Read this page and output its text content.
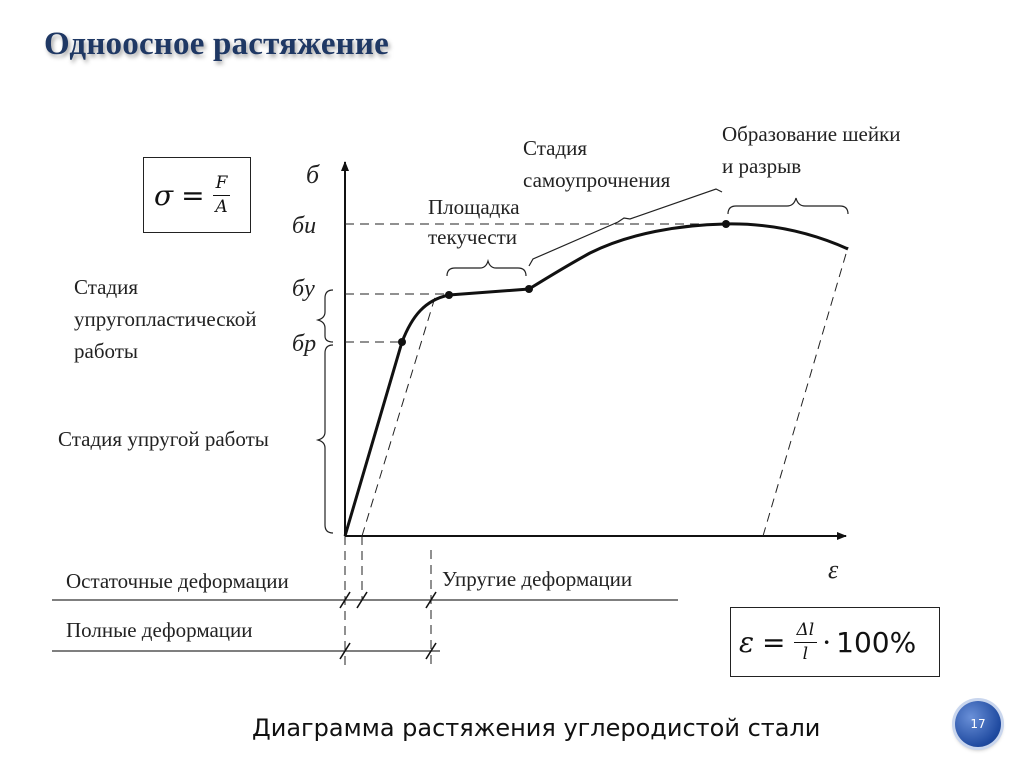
Одноосное растяжение
$\sigma = \frac{F}{A}$
$\varepsilon = \frac{\Delta l}{l} \cdot 100\%$
б
ε
бu
бy
бp
Площадка текучести
Стадия самоупрочнения
Образование шейки и разрыв
Стадия упругопластической работы
Стадия упругой работы
Остаточные деформации	Упругие деформации
Полные деформации
Диаграмма растяжения углеродистой стали	17
